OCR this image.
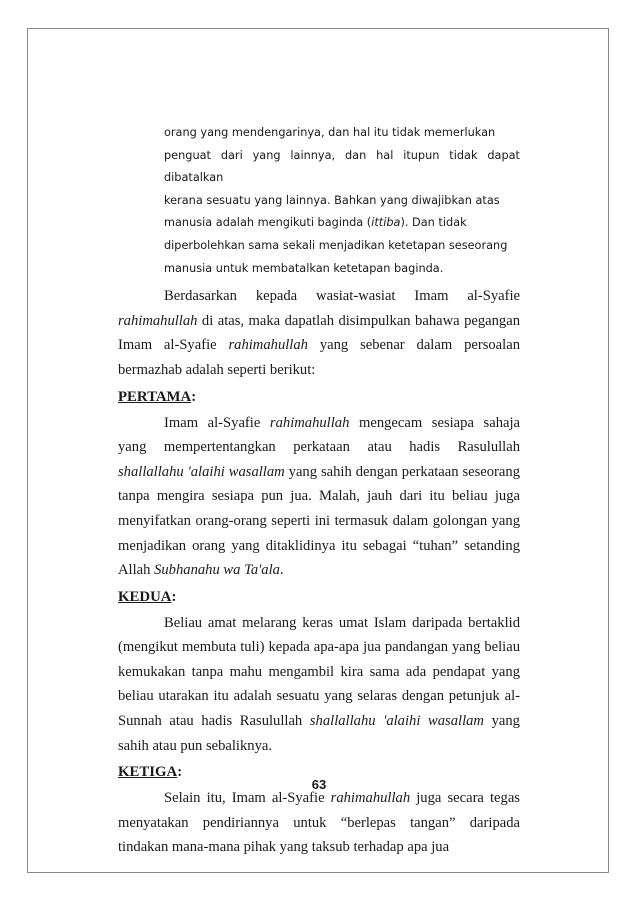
orang yang mendengarinya, dan hal itu tidak memerlukan
penguat dari yang lainnya, dan hal itupun tidak dapat dibatalkan
kerana sesuatu yang lainnya. Bahkan yang diwajibkan atas
manusia adalah mengikuti baginda (ittiba). Dan tidak
diperbolehkan sama sekali menjadikan ketetapan seseorang
manusia untuk membatalkan ketetapan baginda.

Berdasarkan kepada wasiat-wasiat Imam al-Syafie rahimahullah di atas, maka dapatlah disimpulkan bahawa pegangan Imam al-Syafie rahimahullah yang sebenar dalam persoalan bermazhab adalah seperti berikut:

PERTAMA:

Imam al-Syafie rahimahullah mengecam sesiapa sahaja yang mempertentangkan perkataan atau hadis Rasulullah shallallahu 'alaihi wasallam yang sahih dengan perkataan seseorang tanpa mengira sesiapa pun jua. Malah, jauh dari itu beliau juga menyifatkan orang-orang seperti ini termasuk dalam golongan yang menjadikan orang yang ditaklidinya itu sebagai “tuhan” setanding Allah Subhanahu wa Ta'ala.

KEDUA:

Beliau amat melarang keras umat Islam daripada bertaklid (mengikut membuta tuli) kepada apa-apa jua pandangan yang beliau kemukakan tanpa mahu mengambil kira sama ada pendapat yang beliau utarakan itu adalah sesuatu yang selaras dengan petunjuk al-Sunnah atau hadis Rasulullah shallallahu 'alaihi wasallam yang sahih atau pun sebaliknya.

KETIGA:

Selain itu, Imam al-Syafie rahimahullah juga secara tegas menyatakan pendiriannya untuk “berlepas tangan” daripada tindakan mana-mana pihak yang taksub terhadap apa jua

63
